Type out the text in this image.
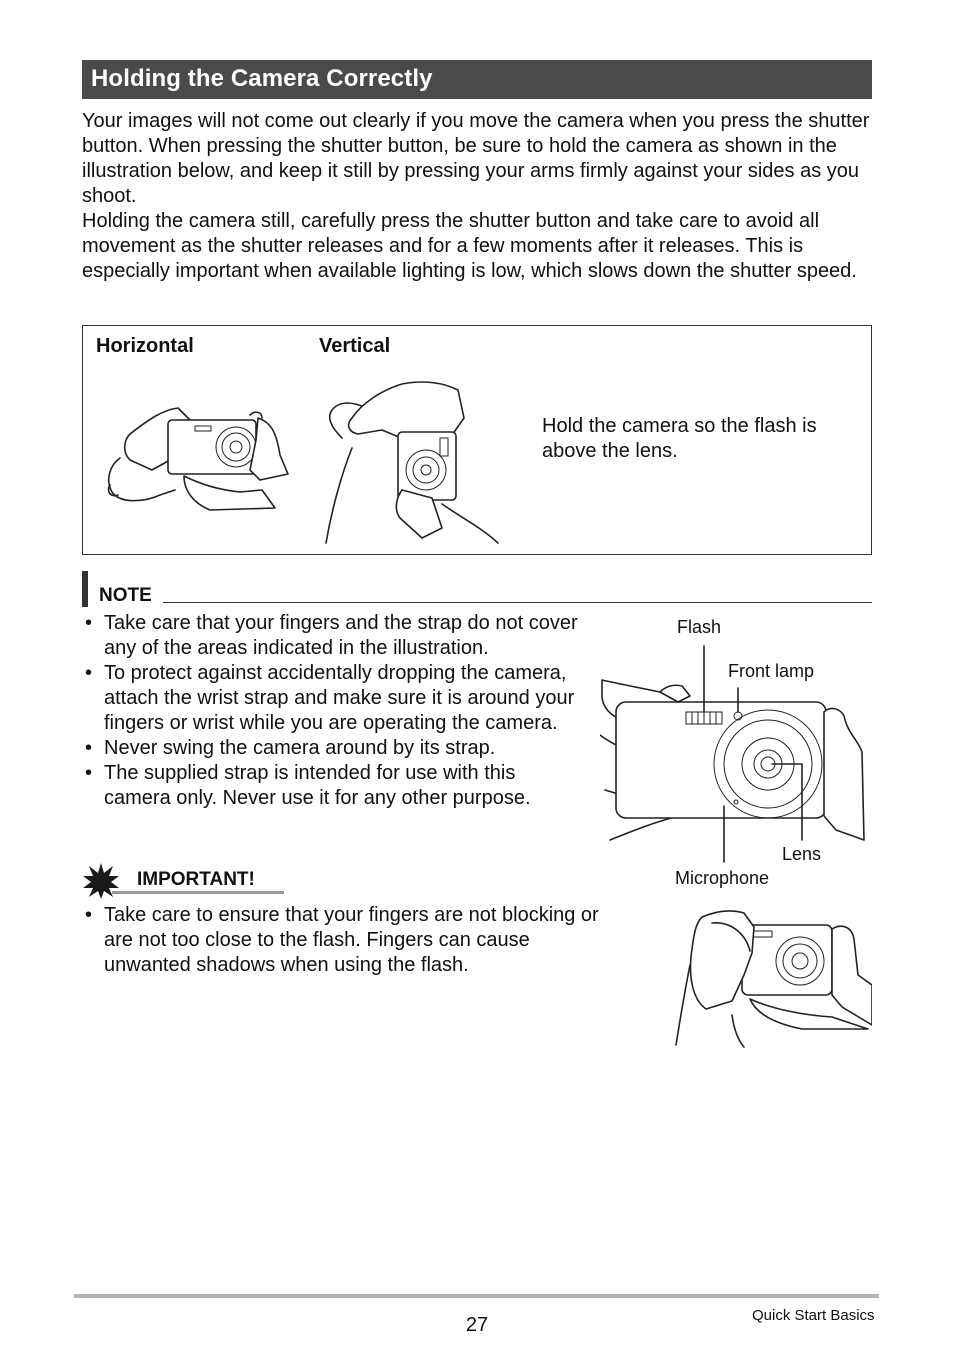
Holding the Camera Correctly

Your images will not come out clearly if you move the camera when you press the shutter button. When pressing the shutter button, be sure to hold the camera as shown in the illustration below, and keep it still by pressing your arms firmly against your sides as you shoot.

Holding the camera still, carefully press the shutter button and take care to avoid all movement as the shutter releases and for a few moments after it releases. This is especially important when available lighting is low, which slows down the shutter speed.

Horizontal	Vertical
Hold the camera so the flash is above the lens.
NOTE
• Take care that your fingers and the strap do not cover any of the areas indicated in the illustration.
• To protect against accidentally dropping the camera, attach the wrist strap and make sure it is around your fingers or wrist while you are operating the camera.
• Never swing the camera around by its strap.
• The supplied strap is intended for use with this camera only. Never use it for any other purpose.
IMPORTANT!
• Take care to ensure that your fingers are not blocking or are not too close to the flash. Fingers can cause unwanted shadows when using the flash.
Flash
Front lamp
Lens
Microphone
27	Quick Start Basics
